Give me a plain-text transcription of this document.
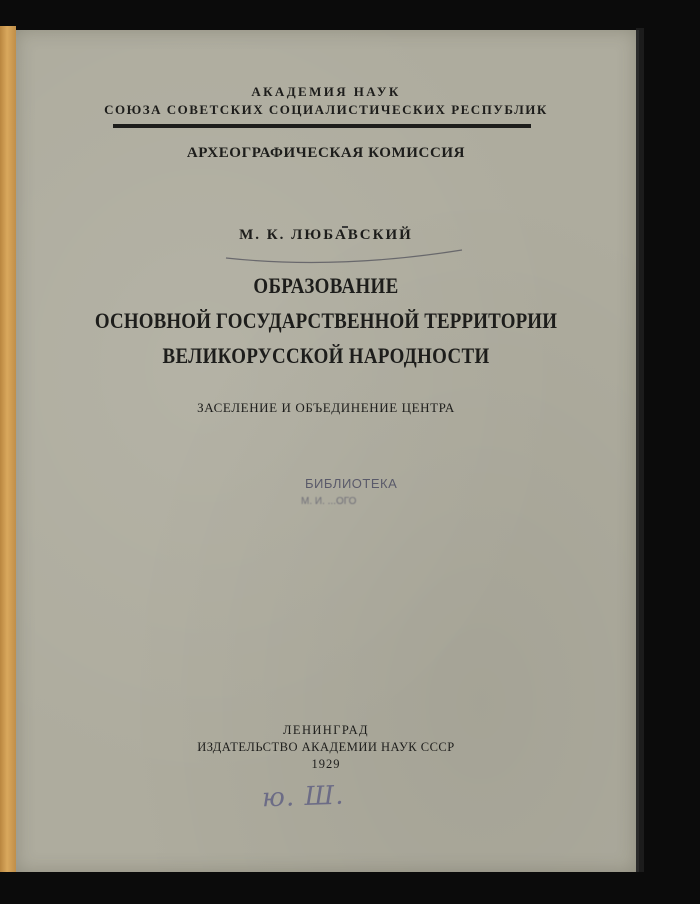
АКАДЕМИЯ НАУК
СОЮЗА СОВЕТСКИХ СОЦИАЛИСТИЧЕСКИХ РЕСПУБЛИК
АРХЕОГРАФИЧЕСКАЯ КОМИССИЯ
М. К. ЛЮБАВСКИЙ
ОБРАЗОВАНИЕ
ОСНОВНОЙ ГОСУДАРСТВЕННОЙ ТЕРРИТОРИИ
ВЕЛИКОРУССКОЙ НАРОДНОСТИ
ЗАСЕЛЕНИЕ И ОБЪЕДИНЕНИЕ ЦЕНТРА
БИБЛИОТЕКА
М. И. ...ОГО
ЛЕНИНГРАД
ИЗДАТЕЛЬСТВО АКАДЕМИИ НАУК СССР
1929
ю. Ш.
